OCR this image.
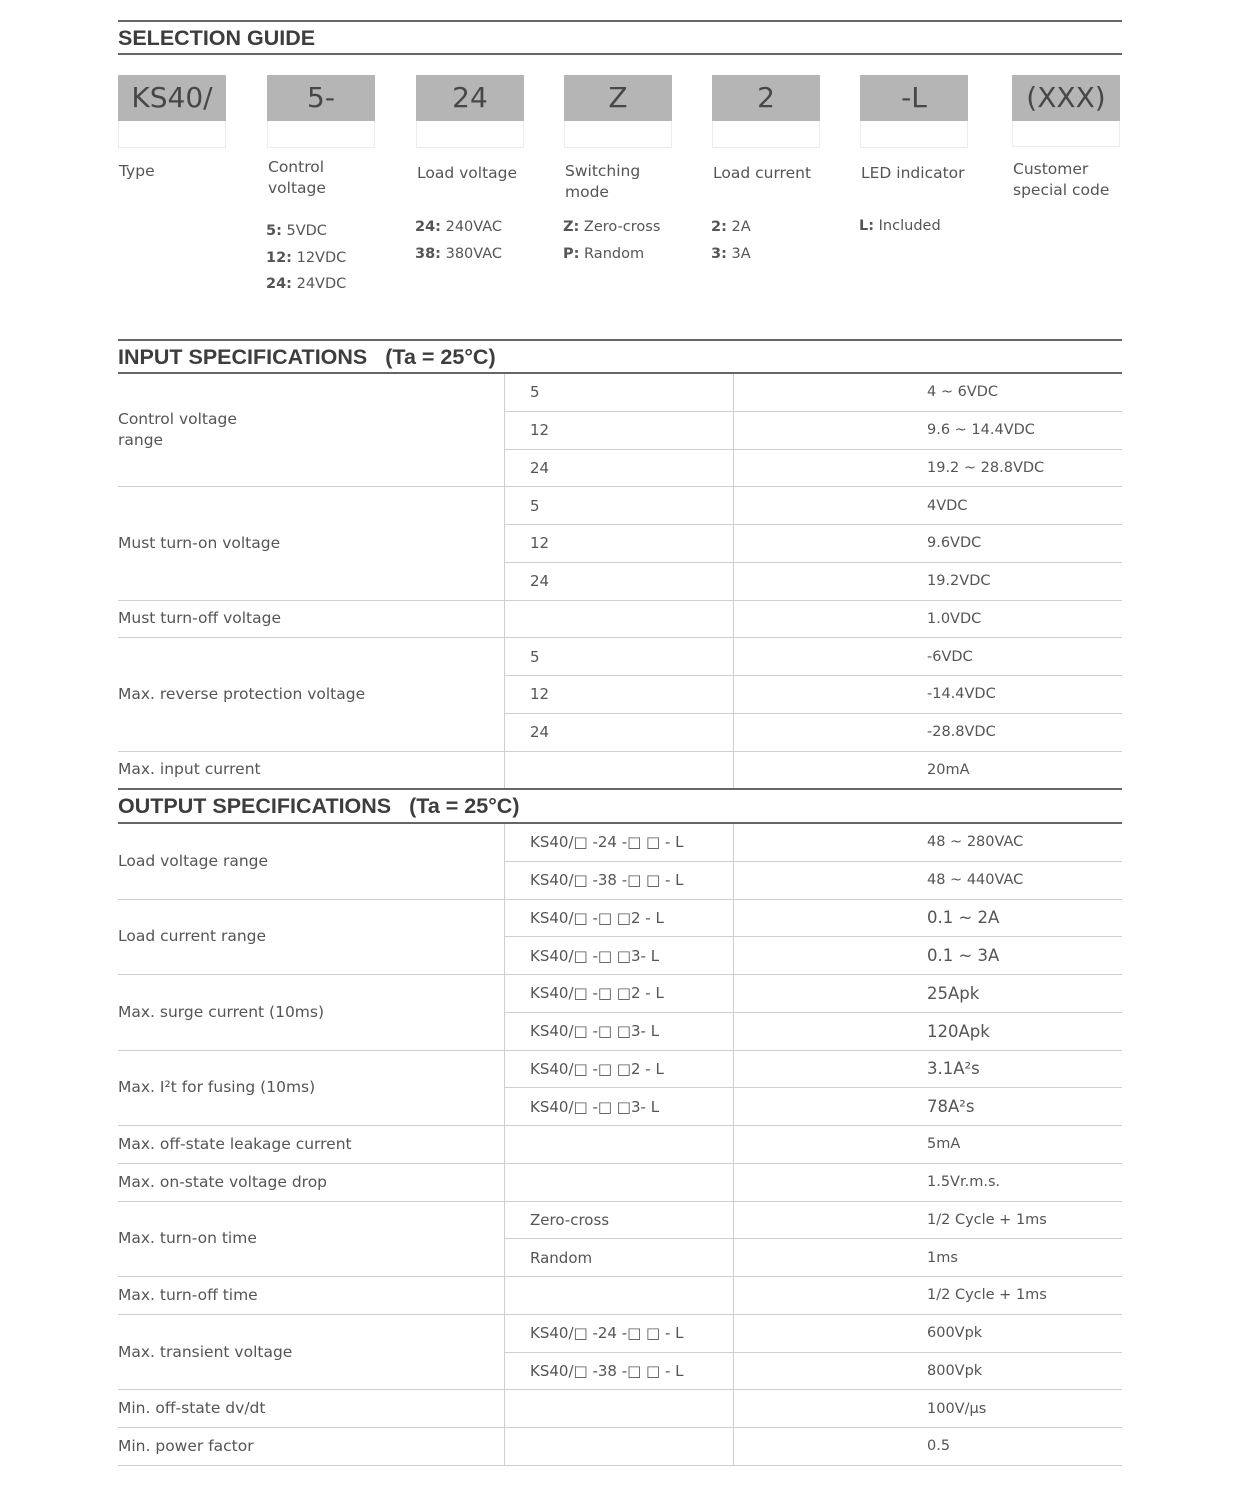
SELECTION GUIDE
KS40/
Type
5-
Control voltage
5: 5VDC
12: 12VDC
24: 24VDC
24
Load voltage
24: 240VAC
38: 380VAC
Z
Switching mode
Z: Zero-cross
P: Random
2
Load current
2: 2A
3: 3A
-L
LED indicator
L: Included
(XXX)
Customer special code
INPUT SPECIFICATIONS (Ta = 25°C)
Control voltage
range
5	4 ~ 6VDC
12	9.6 ~ 14.4VDC
24	19.2 ~ 28.8VDC
Must turn-on voltage
5	4VDC
12	9.6VDC
24	19.2VDC
Must turn-off voltage	1.0VDC
Max. reverse protection voltage
5	-6VDC
12	-14.4VDC
24	-28.8VDC
Max. input current	20mA
Load voltage range
KS40/□ -24 -□ □ - L	48 ~ 280VAC
KS40/□ -38 -□ □ - L	48 ~ 440VAC
Load current range
KS40/□ -□ □2 - L	0.1 ~ 2A
KS40/□ -□ □3- L	0.1 ~ 3A
Max. surge current (10ms)
KS40/□ -□ □2 - L	25Apk
KS40/□ -□ □3- L	120Apk
Max. I²t for fusing (10ms)
KS40/□ -□ □2 - L	3.1A²s
KS40/□ -□ □3- L	78A²s
Max. off-state leakage current	5mA
Max. on-state voltage drop	1.5Vr.m.s.
Max. turn-on time
Zero-cross	1/2 Cycle + 1ms
Random	1ms
Max. turn-off time	1/2 Cycle + 1ms
Max. transient voltage
KS40/□ -24 -□ □ - L	600Vpk
KS40/□ -38 -□ □ - L	800Vpk
Min. off-state dv/dt	100V/μs
Min. power factor	0.5
OUTPUT SPECIFICATIONS (Ta = 25°C)
